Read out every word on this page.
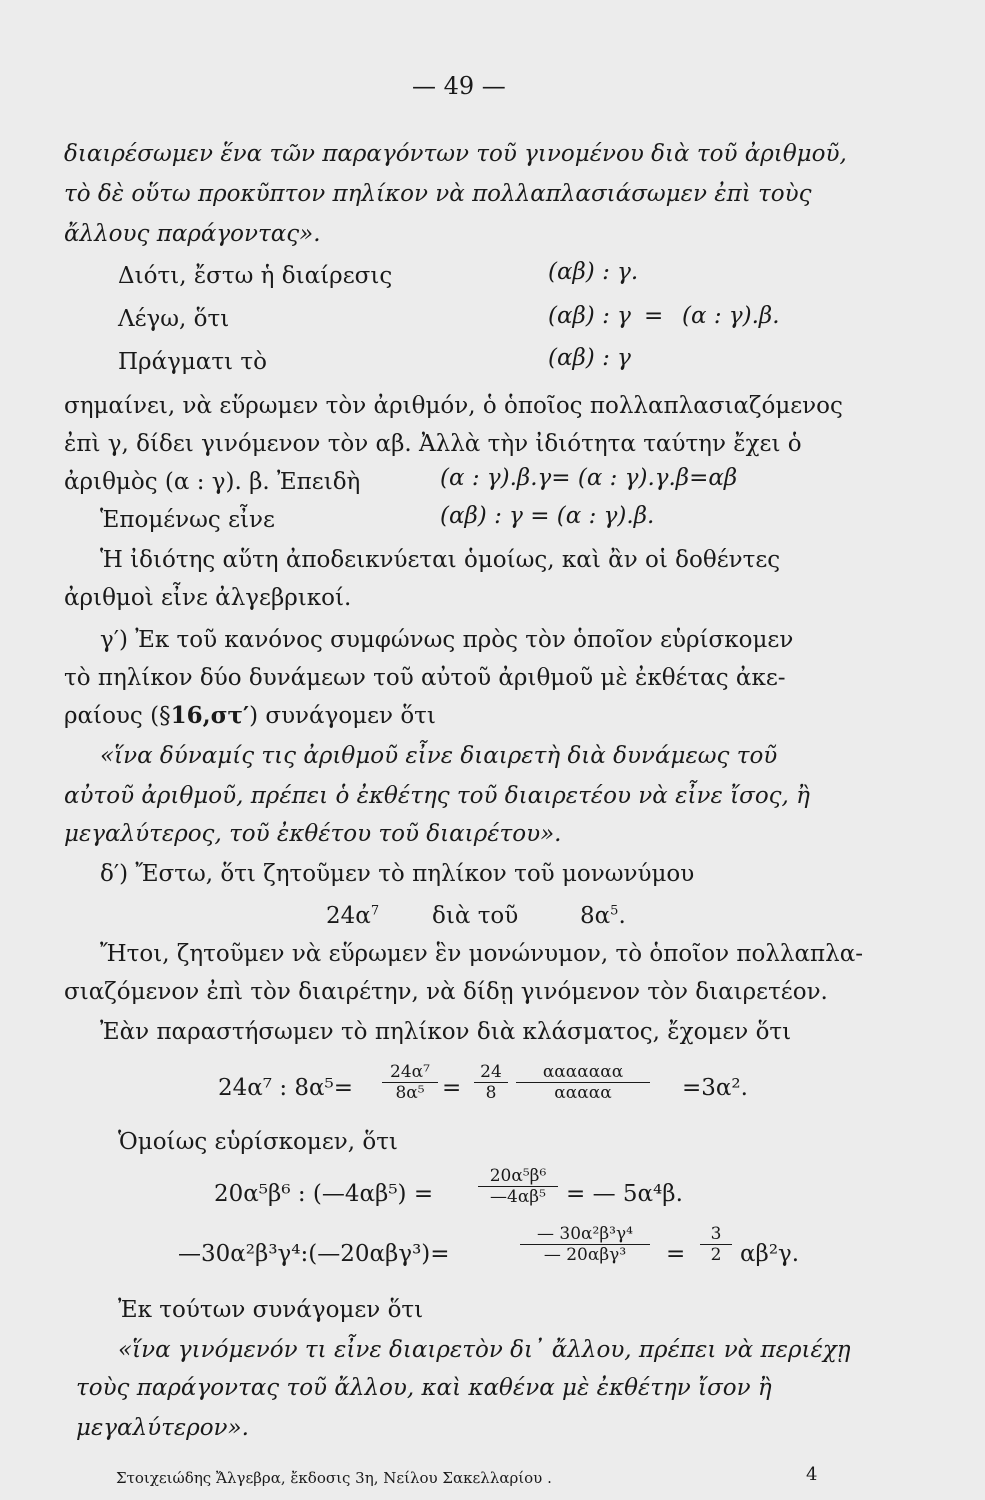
— 49 —
διαιρέσωμεν ἕνα τῶν παραγόντων τοῦ γινομένου διὰ τοῦ ἀριθμοῦ,
τὸ δὲ οὕτω προκῦπτον πηλίκον νὰ πολλαπλασιάσωμεν ἐπὶ τοὺς
ἄλλους παράγοντας».
Διότι, ἔστω ἡ διαίρεσις	(αβ) : γ.
Λέγω, ὅτι	(αβ) : γ = (α : γ).β.
Πράγματι τὸ	(αβ) : γ
σημαίνει, νὰ εὕρωμεν τὸν ἀριθμόν, ὁ ὁποῖος πολλαπλασιαζόμενος
ἐπὶ γ, δίδει γινόμενον τὸν αβ. Ἀλλὰ τὴν ἰδιότητα ταύτην ἔχει ὁ
ἀριθμὸς (α : γ). β. Ἐπειδὴ	(α : γ).β.γ= (α : γ).γ.β=αβ
Ἑπομένως εἶνε	(αβ) : γ = (α : γ).β.
Ἡ ἰδιότης αὕτη ἀποδεικνύεται ὁμοίως, καὶ ἂν οἱ δοθέντες
ἀριθμοὶ εἶνε ἀλγεβρικοί.
γ′) Ἐκ τοῦ κανόνος συμφώνως πρὸς τὸν ὁποῖον εὑρίσκομεν
τὸ πηλίκον δύο δυνάμεων τοῦ αὐτοῦ ἀριθμοῦ μὲ ἐκθέτας ἀκε-
ραίους (§16,στ′) συνάγομεν ὅτι
«ἵνα δύναμίς τις ἀριθμοῦ εἶνε διαιρετὴ διὰ δυνάμεως τοῦ
αὐτοῦ ἀριθμοῦ, πρέπει ὁ ἐκθέτης τοῦ διαιρετέου νὰ εἶνε ἴσος, ἢ
μεγαλύτερος, τοῦ ἐκθέτου τοῦ διαιρέτου».
δ′) Ἔστω, ὅτι ζητοῦμεν τὸ πηλίκον τοῦ μονωνύμου
$24\alpha^7$ διὰ τοῦ	$8\alpha^5$.
Ἤτοι, ζητοῦμεν νὰ εὕρωμεν ἓν μονώνυμον, τὸ ὁποῖον πολλαπλα-
σιαζόμενον ἐπὶ τὸν διαιρέτην, νὰ δίδῃ γινόμενον τὸν διαιρετέον.
Ἐὰν παραστήσωμεν τὸ πηλίκον διὰ κλάσματος, ἔχομεν ὅτι
24α⁷ : $8\alpha^5= \frac{\text{24α⁷}}{\text{8α⁵}} = \frac{24}{8}$	ααααααα
ααααα	=3α².
Ὁμοίως εὑρίσκομεν, ὅτι
20α⁵β⁶ : (—4αβ⁵) =	$\frac{\text{20α⁵β⁶}}{\text{—4αβ⁵}}$ = — 5α⁴β.
—30α²β³γ⁴:(—20αβγ³)=
— 30α²β³γ⁴
— 20αβγ³	= $\frac{3}{2} \alpha\beta^2\gamma$.
Ἐκ τούτων συνάγομεν ὅτι
«ἵνα γινόμενόν τι εἶνε διαιρετὸν δι᾽ ἄλλου, πρέπει νὰ περιέχῃ
τοὺς παράγοντας τοῦ ἄλλου, καὶ καθένα μὲ ἐκθέτην ἴσον ἢ
μεγαλύτερον».
Στοιχειώδης Ἄλγεβρα, ἔκδοσις 3η, Νείλου Σακελλαρίου .	4
